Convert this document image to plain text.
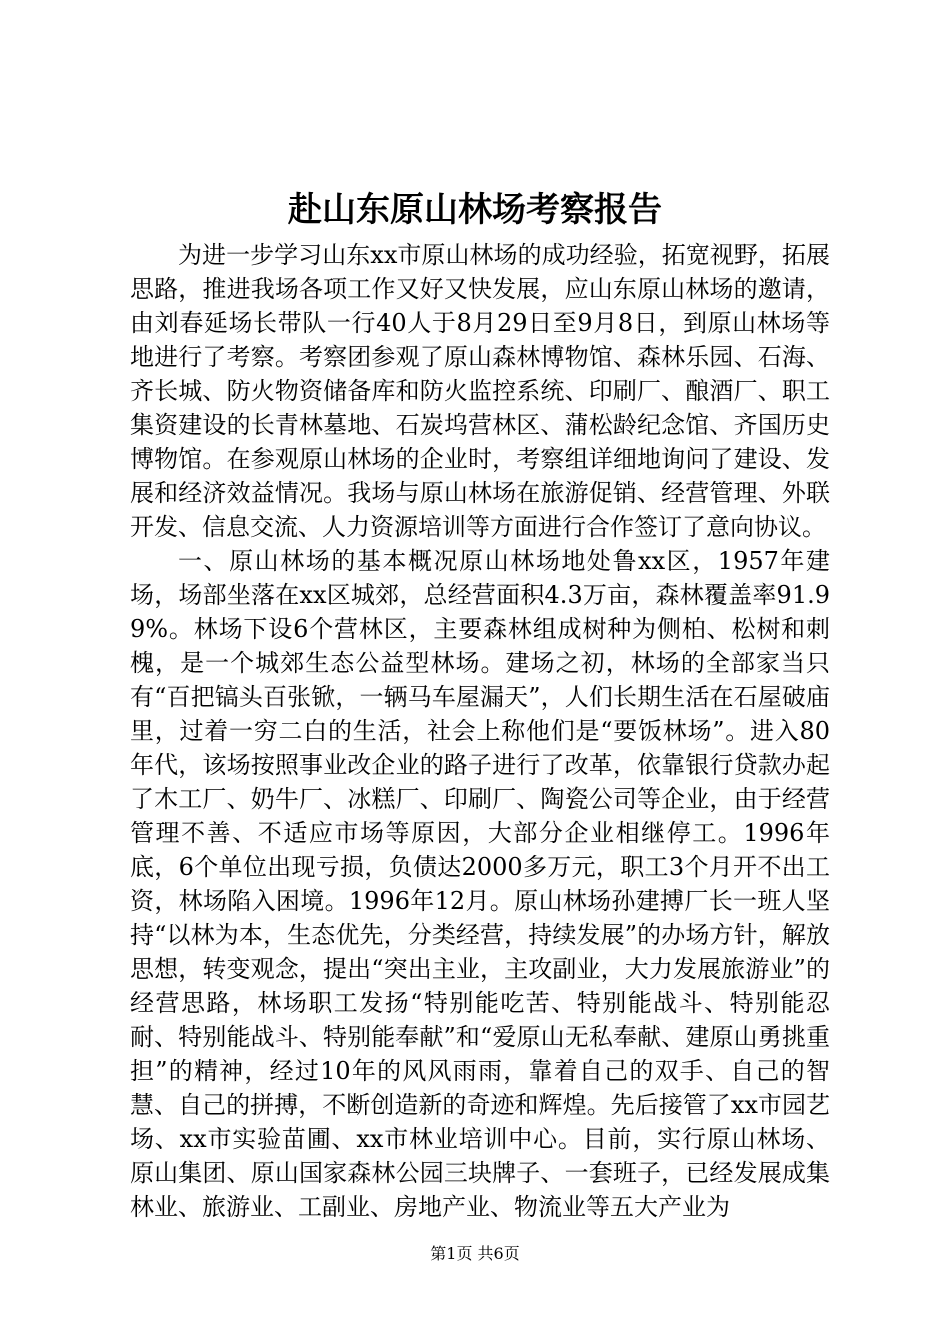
赴山东原山林场考察报告

为进一步学习山东xx市原山林场的成功经验，拓宽视野，拓展思路，推进我场各项工作又好又快发展，应山东原山林场的邀请，由刘春延场长带队一行40人于8月29日至9月8日，到原山林场等地进行了考察。考察团参观了原山森林博物馆、森林乐园、石海、齐长城、防火物资储备库和防火监控系统、印刷厂、酿酒厂、职工集资建设的长青林墓地、石炭坞营林区、蒲松龄纪念馆、齐国历史博物馆。在参观原山林场的企业时，考察组详细地询问了建设、发展和经济效益情况。我场与原山林场在旅游促销、经营管理、外联开发、信息交流、人力资源培训等方面进行合作签订了意向协议。

一、原山林场的基本概况原山林场地处鲁xx区，1957年建场，场部坐落在xx区城郊，总经营面积4.3万亩，森林覆盖率91.99%。林场下设6个营林区，主要森林组成树种为侧柏、松树和刺槐，是一个城郊生态公益型林场。建场之初，林场的全部家当只有“百把镐头百张锨，一辆马车屋漏天”，人们长期生活在石屋破庙里，过着一穷二白的生活，社会上称他们是“要饭林场”。进入80年代，该场按照事业改企业的路子进行了改革，依靠银行贷款办起了木工厂、奶牛厂、冰糕厂、印刷厂、陶瓷公司等企业，由于经营管理不善、不适应市场等原因，大部分企业相继停工。1996年底，6个单位出现亏损，负债达2000多万元，职工3个月开不出工资，林场陷入困境。1996年12月。原山林场孙建搏厂长一班人坚持“以林为本，生态优先，分类经营，持续发展”的办场方针，解放思想，转变观念，提出“突出主业，主攻副业，大力发展旅游业”的经营思路，林场职工发扬“特别能吃苦、特别能战斗、特别能忍耐、特别能战斗、特别能奉献”和“爱原山无私奉献、建原山勇挑重担”的精神，经过10年的风风雨雨，靠着自己的双手、自己的智慧、自己的拼搏，不断创造新的奇迹和辉煌。先后接管了xx市园艺场、xx市实验苗圃、xx市林业培训中心。目前，实行原山林场、原山集团、原山国家森林公园三块牌子、一套班子，已经发展成集林业、旅游业、工副业、房地产业、物流业等五大产业为

第1页 共6页
